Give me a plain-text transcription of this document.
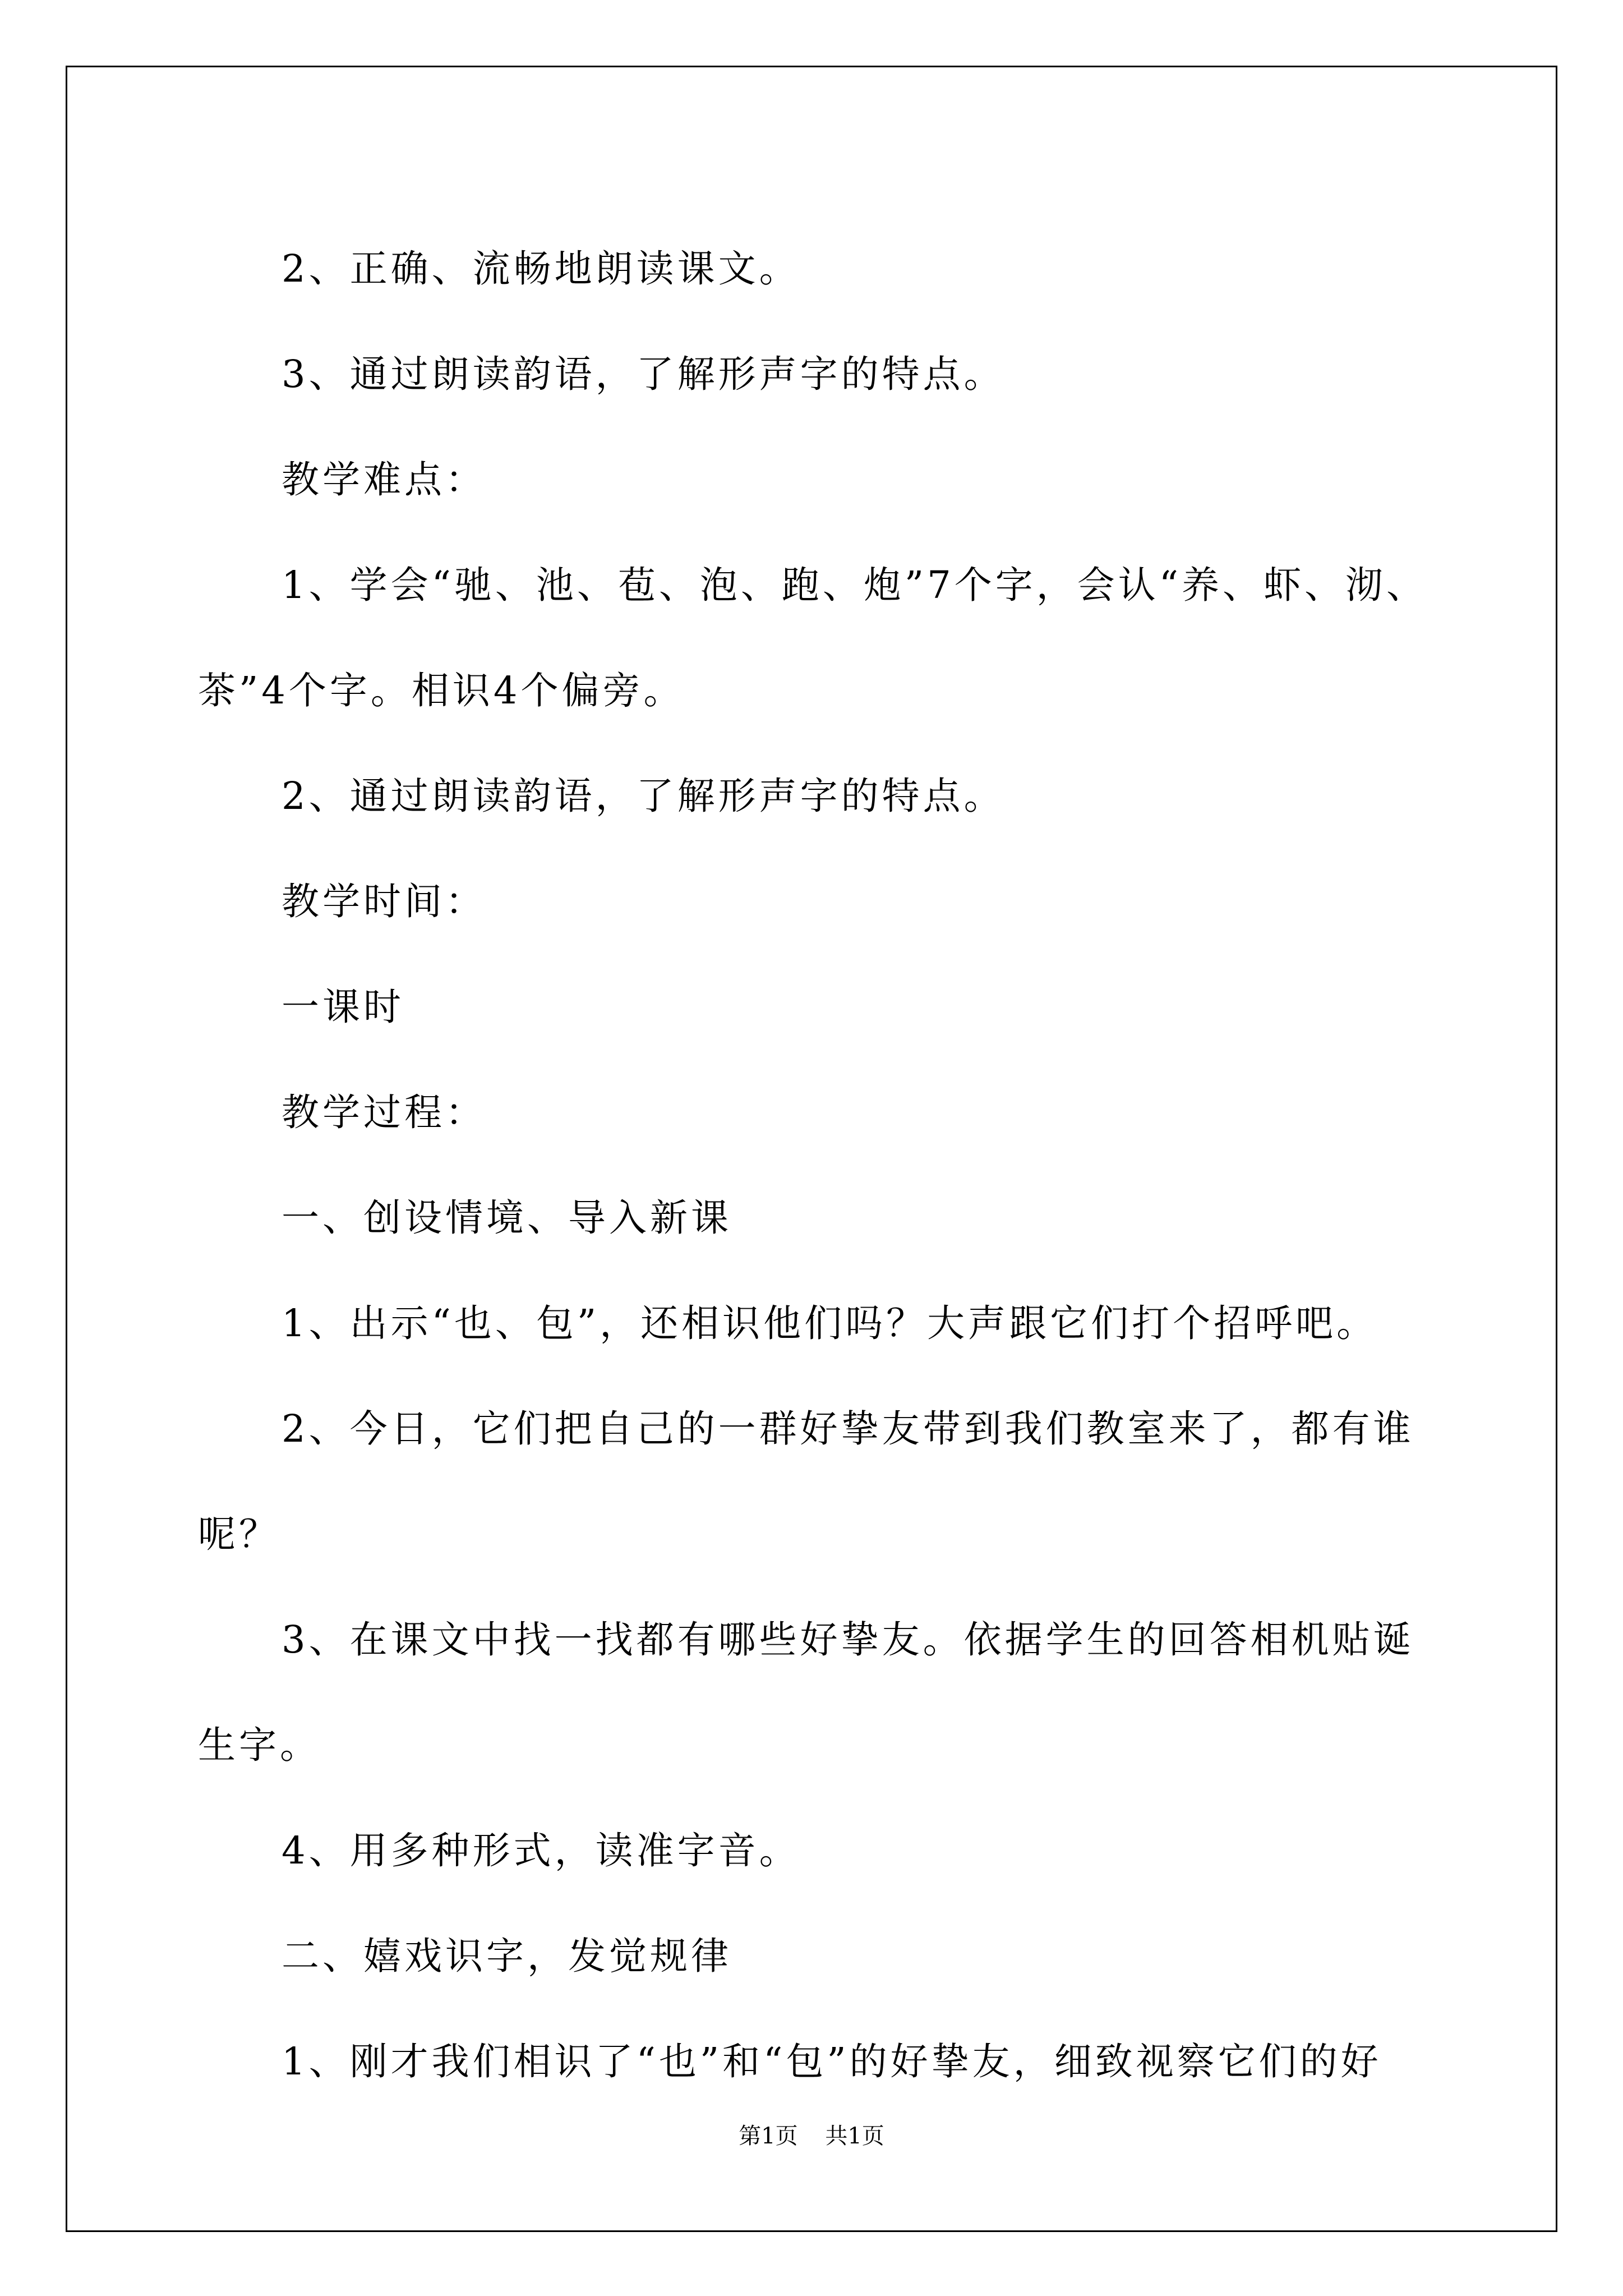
2、正确、流畅地朗读课文。

3、通过朗读韵语，了解形声字的特点。

教学难点：

1、学会“驰、池、苞、泡、跑、炮”7个字，会认“养、虾、沏、茶”4个字。相识4个偏旁。

2、通过朗读韵语，了解形声字的特点。

教学时间：

一课时

教学过程：

一、创设情境、导入新课

1、出示“也、包”，还相识他们吗？大声跟它们打个招呼吧。

2、今日，它们把自己的一群好挚友带到我们教室来了，都有谁呢？

3、在课文中找一找都有哪些好挚友。依据学生的回答相机贴诞生字。

4、用多种形式，读准字音。

二、嬉戏识字，发觉规律

1、刚才我们相识了“也”和“包”的好挚友，细致视察它们的好

第1页 共1页
